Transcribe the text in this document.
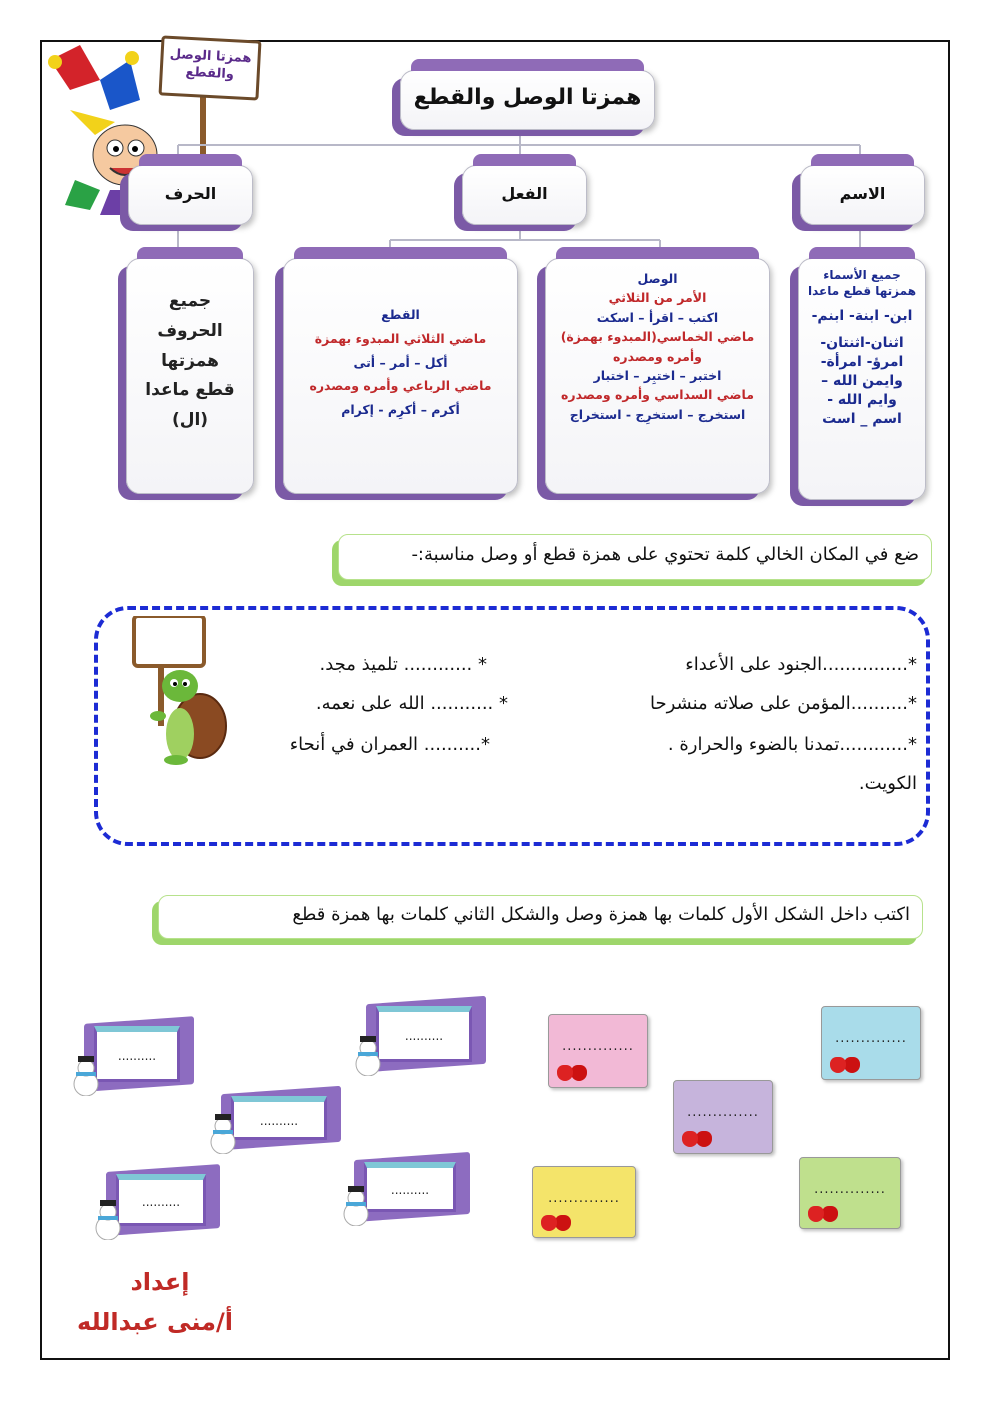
همزتا الوصل والقطع
همزتا الوصل والقطع
الاسم
الفعل
الحرف
جميع الأسماء همزتها قطع ماعدا
ابن- ابنة- ابنم-
اثنان-اثنتان-
امرؤ- امرأة-
وايمن الله –
وايم الله -
اسم _ است
الوصل
الأمر من الثلاثي
اكتب – اقرأ – اسكت
ماضي الخماسي(المبدوء بهمزة) وأمره ومصدره
اختبر – اختبِر – اختبار
ماضي السداسي وأمره ومصدره
استخرج – استخرِج - استخراج
القطع
ماضي الثلاثي المبدوء بهمزة
أكل – أمر – أتى
ماضي الرباعي وأمره ومصدره
أكرم – أكرِم - إكرام
جميع
الحروف
همزتها
قطع ماعدا
(ال)
ضع في المكان الخالي كلمة تحتوي على همزة قطع أو وصل مناسبة:-
*...............الجنود على الأعداء
* ............ تلميذ مجد.
*..........المؤمن على صلاته منشرحا
* ........... الله على نعمه.
*............تمدنا بالضوء والحرارة .
*.......... العمران في أنحاء
الكويت.
اكتب داخل الشكل الأول كلمات بها همزة وصل والشكل الثاني كلمات بها همزة قطع
..............
..............
..............
..............
..............
..........
..........
..........
..........
..........
إعداد
أ/منى عبدالله
